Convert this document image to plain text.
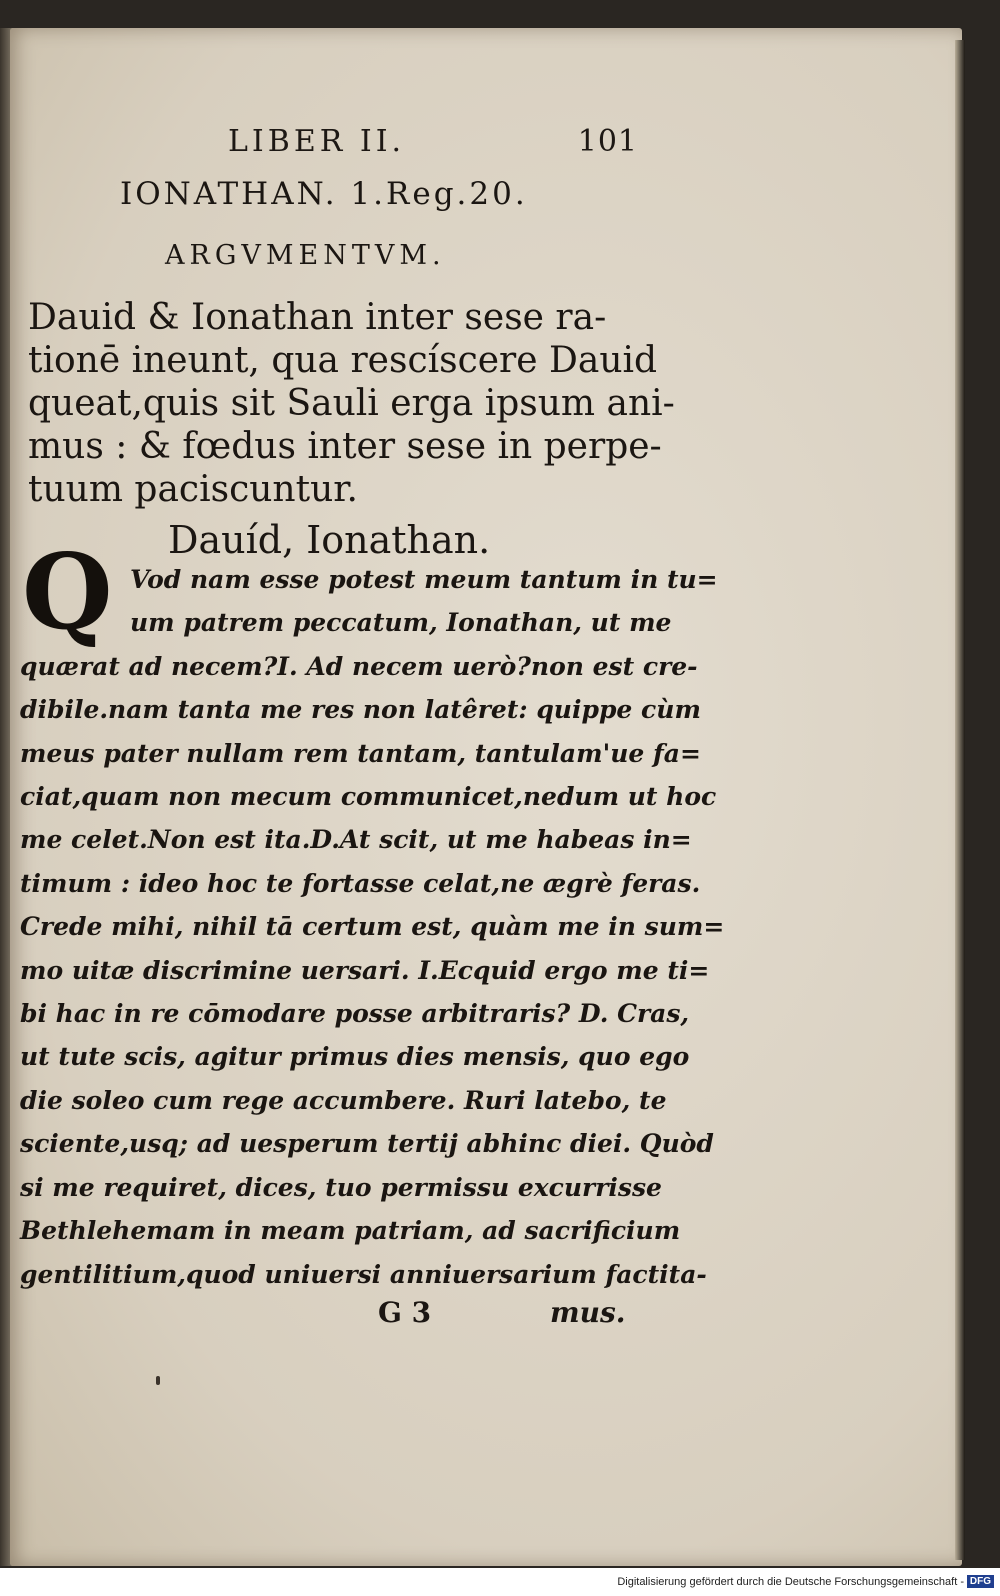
LIBER II.	101
IONATHAN. 1.Reg.20.
ARGVMENTVM.
Dauid & Ionathan inter sese ra-
tionē ineunt, qua rescíscere Dauid
queat,quis sit Sauli erga ipsum ani-
mus : & fœdus inter sese in perpe-
tuum paciscuntur.
Dauíd, Ionathan.
Q Vod nam esse potest meum tantum in tu=
um patrem peccatum, Ionathan, ut me
quærat ad necem?I. Ad necem uerò?non est cre-
dibile.nam tanta me res non latêret: quippe cùm
meus pater nullam rem tantam, tantulam'ue fa=
ciat,quam non mecum communicet,nedum ut hoc
me celet.Non est ita.D.At scit, ut me habeas in=
timum : ideo hoc te fortasse celat,ne ægrè feras.
Crede mihi, nihil tā certum est, quàm me in sum=
mo uitæ discrimine uersari. I.Ecquid ergo me ti=
bi hac in re cōmodare posse arbitraris? D. Cras,
ut tute scis, agitur primus dies mensis, quo ego
die soleo cum rege accumbere. Ruri latebo, te
sciente,usq; ad uesperum tertij abhinc diei. Quòd
si me requiret, dices, tuo permissu excurrisse
Bethlehemam in meam patriam, ad sacrificium
gentilitium,quod uniuersi anniuersarium factita-
G 3	mus.
Digitalisierung gefördert durch die Deutsche Forschungsgemeinschaft - DFG
